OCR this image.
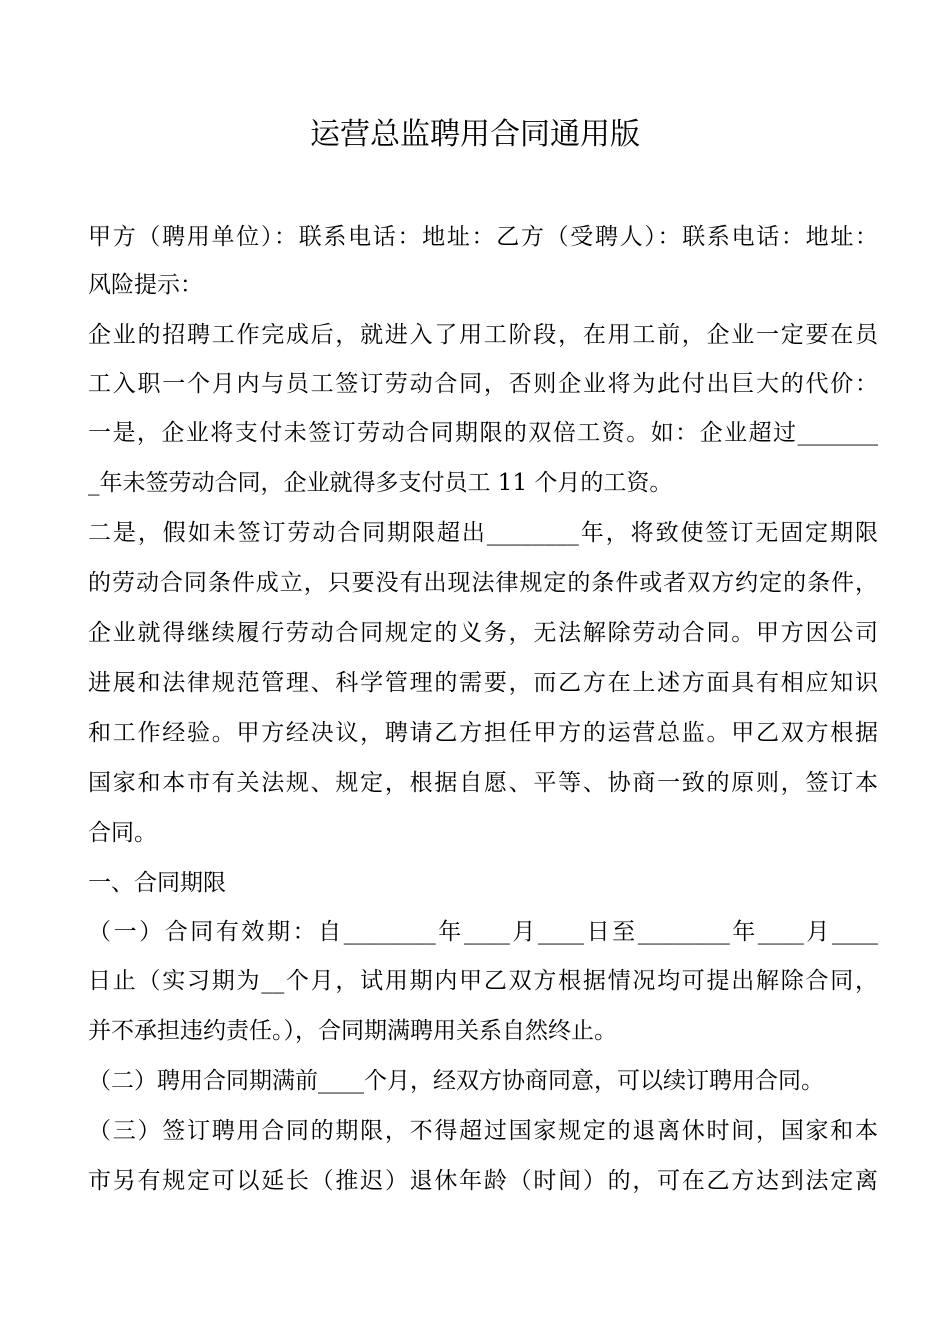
运营总监聘用合同通用版

甲方（聘用单位）：联系电话：地址：乙方（受聘人）：联系电话：地址：

风险提示：

企业的招聘工作完成后，就进入了用工阶段，在用工前，企业一定要在员

工入职一个月内与员工签订劳动合同，否则企业将为此付出巨大的代价：

一是，企业将支付未签订劳动合同期限的双倍工资。如：企业超过_______

_年未签劳动合同，企业就得多支付员工 11 个月的工资。

二是，假如未签订劳动合同期限超出________年，将致使签订无固定期限

的劳动合同条件成立，只要没有出现法律规定的条件或者双方约定的条件，

企业就得继续履行劳动合同规定的义务，无法解除劳动合同。甲方因公司

进展和法律规范管理、科学管理的需要，而乙方在上述方面具有相应知识

和工作经验。甲方经决议，聘请乙方担任甲方的运营总监。甲乙双方根据

国家和本市有关法规、规定，根据自愿、平等、协商一致的原则，签订本

合同。

一、合同期限

（一）合同有效期：自________年____月____日至________年____月____

日止（实习期为__个月，试用期内甲乙双方根据情况均可提出解除合同，

并不承担违约责任。），合同期满聘用关系自然终止。

（二）聘用合同期满前____个月，经双方协商同意，可以续订聘用合同。

（三）签订聘用合同的期限，不得超过国家规定的退离休时间，国家和本

市另有规定可以延长（推迟）退休年龄（时间）的，可在乙方达到法定离
